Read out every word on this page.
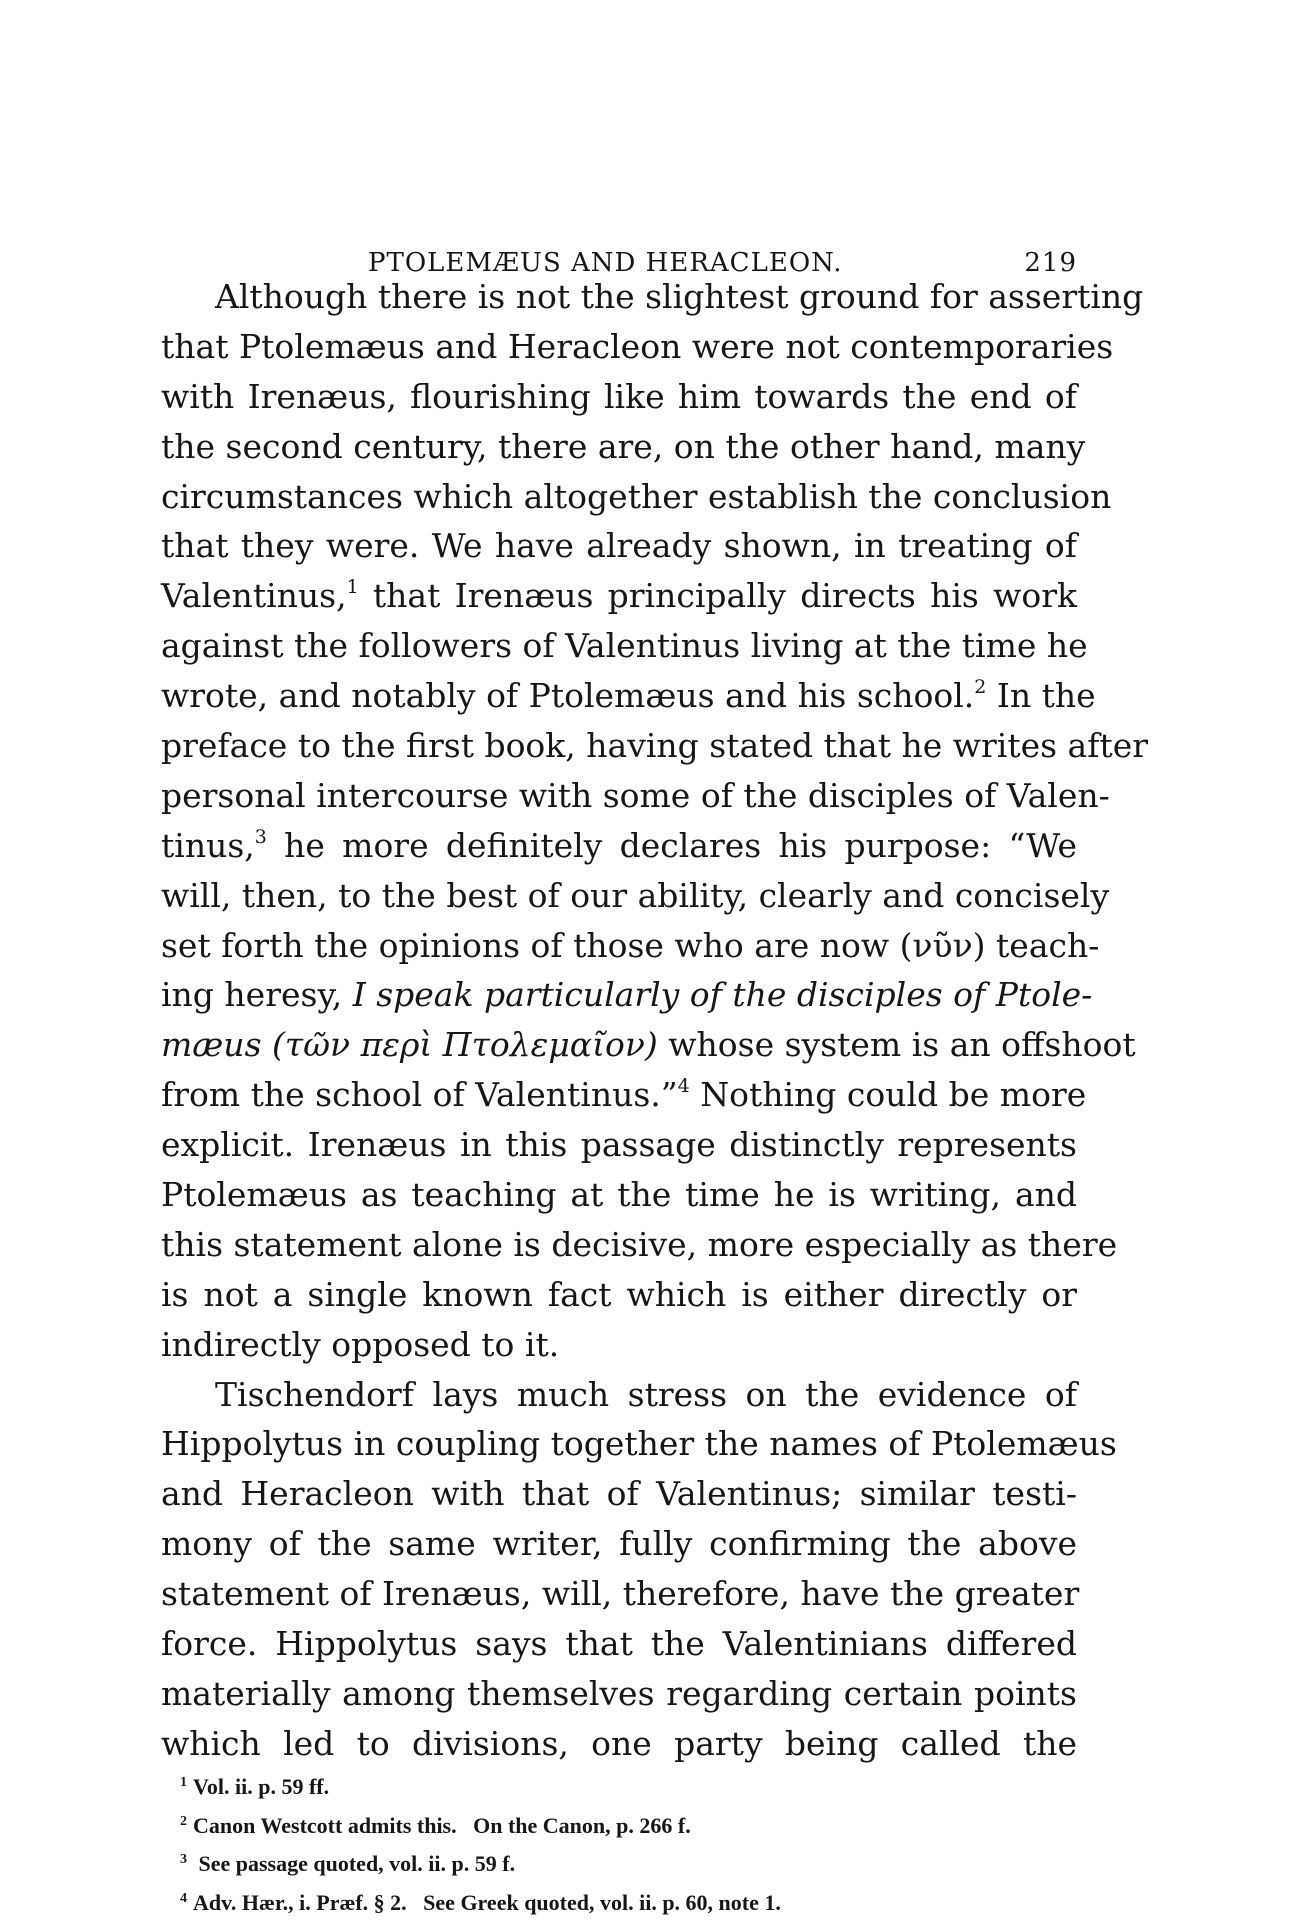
PTOLEMÆUS AND HERACLEON.	219
Although there is not the slightest ground for asserting
that Ptolemæus and Heracleon were not contemporaries
with Irenæus, flourishing like him towards the end of
the second century, there are, on the other hand, many
circumstances which altogether establish the conclusion
that they were. We have already shown, in treating of
Valentinus,$^1$ that Irenæus principally directs his work
against the followers of Valentinus living at the time he
wrote, and notably of Ptolemæus and his school.$^2$ In the
preface to the first book, having stated that he writes after
personal intercourse with some of the disciples of Valen-
tinus,$^3$ he more definitely declares his purpose: “We
will, then, to the best of our ability, clearly and concisely
set forth the opinions of those who are now (νῦν) teach-
ing heresy, I speak particularly of the disciples of Ptole-
mæus (τῶν περὶ Πτολεμαῖον) whose system is an offshoot
from the school of Valentinus.”$^4$ Nothing could be more
explicit. Irenæus in this passage distinctly represents
Ptolemæus as teaching at the time he is writing, and
this statement alone is decisive, more especially as there
is not a single known fact which is either directly or
indirectly opposed to it.
Tischendorf lays much stress on the evidence of
Hippolytus in coupling together the names of Ptolemæus
and Heracleon with that of Valentinus; similar testi-
mony of the same writer, fully confirming the above
statement of Irenæus, will, therefore, have the greater
force. Hippolytus says that the Valentinians differed
materially among themselves regarding certain points
which led to divisions, one party being called the
$^1$ Vol. ii. p. 59 ff.
$^2$ Canon Westcott admits this.   On the Canon, p. 266 f.
$^3$ See passage quoted, vol. ii. p. 59 f.
$^4$ Adv. Hær., i. Præf. § 2.   See Greek quoted, vol. ii. p. 60, note 1.
